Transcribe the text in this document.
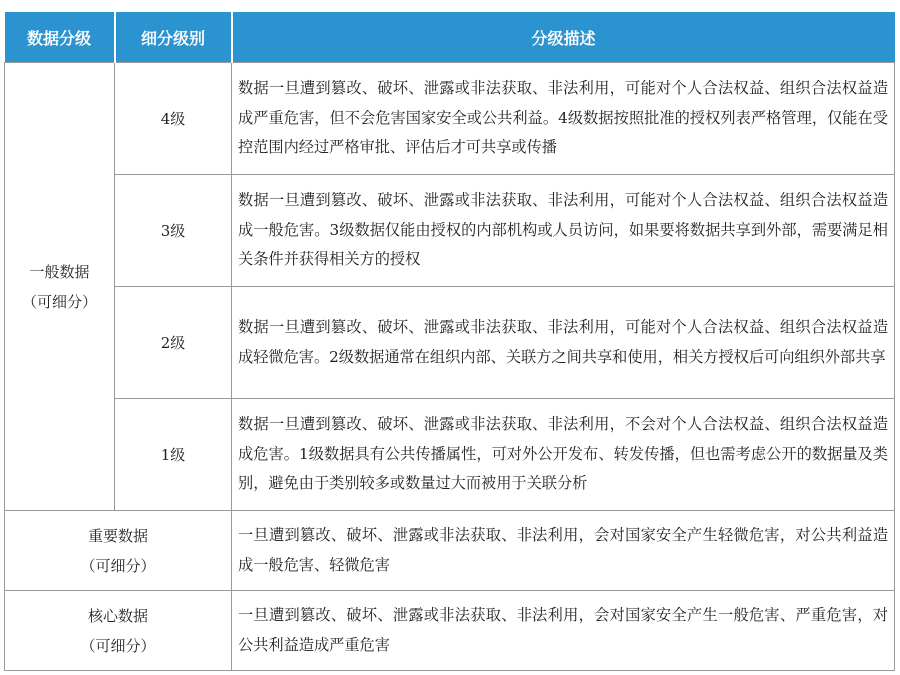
数据分级	细分级别	分级描述

一般数据
（可细分）	4级	数据一旦遭到篡改、破坏、泄露或非法获取、非法利用，可能对个人合法权益、组织合法权益造成严重危害，但不会危害国家安全或公共利益。4级数据按照批准的授权列表严格管理，仅能在受控范围内经过严格审批、评估后才可共享或传播
	3级	数据一旦遭到篡改、破坏、泄露或非法获取、非法利用，可能对个人合法权益、组织合法权益造成一般危害。3级数据仅能由授权的内部机构或人员访问，如果要将数据共享到外部，需要满足相关条件并获得相关方的授权
	2级	数据一旦遭到篡改、破坏、泄露或非法获取、非法利用，可能对个人合法权益、组织合法权益造成轻微危害。2级数据通常在组织内部、关联方之间共享和使用，相关方授权后可向组织外部共享
	1级	数据一旦遭到篡改、破坏、泄露或非法获取、非法利用，不会对个人合法权益、组织合法权益造成危害。1级数据具有公共传播属性，可对外公开发布、转发传播，但也需考虑公开的数据量及类别，避免由于类别较多或数量过大而被用于关联分析

重要数据
（可细分）		一旦遭到篡改、破坏、泄露或非法获取、非法利用，会对国家安全产生轻微危害，对公共利益造成一般危害、轻微危害

核心数据
（可细分）		一旦遭到篡改、破坏、泄露或非法获取、非法利用，会对国家安全产生一般危害、严重危害，对公共利益造成严重危害
